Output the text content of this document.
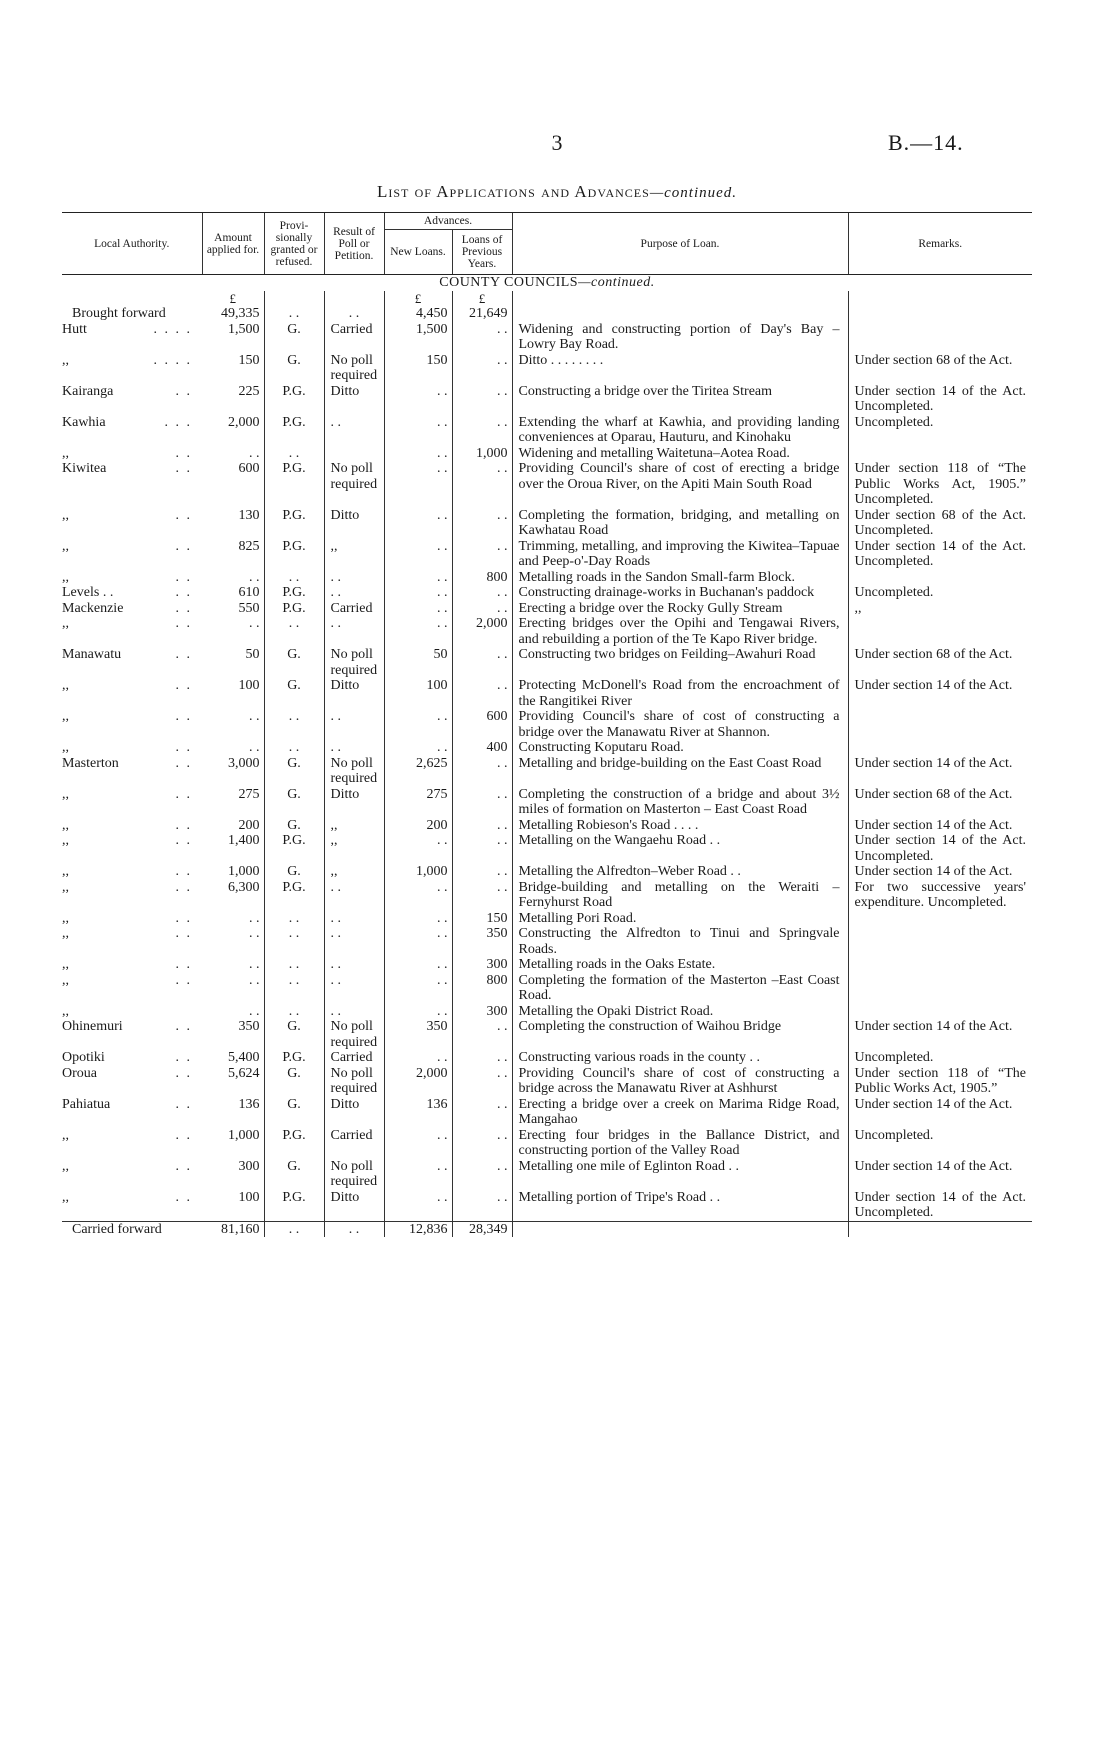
3	B.—14.
List of Applications and Advances—continued.
Local Authority.	Amount applied for.	Provi-sionally granted or refused.	Result of Poll or Petition.	Advances.		Purpose of Loan.	Remarks.
				New Loans.	Loans of Previous Years.		
COUNTY COUNCILS—continued.							
	£			£	£		
Brought forward	49,335	. .	. .	4,450	21,649		
Hutt . . . .	1,500	G.	Carried	1,500	. .	Widening and constructing portion of Day's Bay – Lowry Bay Road.	
,, . . . .	150	G.	No poll required	150	. .	Ditto . . . . . . . .	Under section 68 of the Act.
Kairanga . .	225	P.G.	Ditto	. .	. .	Constructing a bridge over the Tiritea Stream	Under section 14 of the Act. Uncompleted.
Kawhia . . .	2,000	P.G.	. .	. .	. .	Extending the wharf at Kawhia, and providing landing conveniences at Oparau, Hauturu, and Kinohaku	Uncompleted.
,, . .	. .	. .		. .	1,000	Widening and metalling Waitetuna–Aotea Road.	
Kiwitea . .	600	P.G.	No poll required	. .	. .	Providing Council's share of cost of erecting a bridge over the Oroua River, on the Apiti Main South Road	Under section 118 of “The Public Works Act, 1905.” Uncompleted.
,, . .	130	P.G.	Ditto	. .	. .	Completing the formation, bridging, and metalling on Kawhatau Road	Under section 68 of the Act. Uncompleted.
,, . .	825	P.G.	,,	. .	. .	Trimming, metalling, and improving the Kiwitea–Tapuae and Peep-o'-Day Roads	Under section 14 of the Act. Uncompleted.
,, . .	. .	. .	. .	. .	800	Metalling roads in the Sandon Small-farm Block.	
Levels . . . .	610	P.G.	. .	. .	. .	Constructing drainage-works in Buchanan's paddock	Uncompleted.
Mackenzie . .	550	P.G.	Carried	. .	. .	Erecting a bridge over the Rocky Gully Stream	,,
,, . .	. .	. .	. .	. .	2,000	Erecting bridges over the Opihi and Tengawai Rivers, and rebuilding a portion of the Te Kapo River bridge.	
Manawatu . .	50	G.	No poll required	50	. .	Constructing two bridges on Feilding–Awahuri Road	Under section 68 of the Act.
,, . .	100	G.	Ditto	100	. .	Protecting McDonell's Road from the encroachment of the Rangitikei River	Under section 14 of the Act.
,, . .	. .	. .	. .	. .	600	Providing Council's share of cost of constructing a bridge over the Manawatu River at Shannon.	
,, . .	. .	. .	. .	. .	400	Constructing Koputaru Road.	
Masterton . .	3,000	G.	No poll required	2,625	. .	Metalling and bridge-building on the East Coast Road	Under section 14 of the Act.
,, . .	275	G.	Ditto	275	. .	Completing the construction of a bridge and about 3½ miles of formation on Masterton – East Coast Road	Under section 68 of the Act.
,, . .	200	G.	,,	200	. .	Metalling Robieson's Road . . . .	Under section 14 of the Act.
,, . .	1,400	P.G.	,,	. .	. .	Metalling on the Wangaehu Road . .	Under section 14 of the Act. Uncompleted.
,, . .	1,000	G.	,,	1,000	. .	Metalling the Alfredton–Weber Road . .	Under section 14 of the Act.
,, . .	6,300	P.G.	. .	. .	. .	Bridge-building and metalling on the Weraiti –Fernyhurst Road	For two successive years' expenditure. Uncompleted.
,, . .	. .	. .	. .	. .	150	Metalling Pori Road.	
,, . .	. .	. .	. .	. .	350	Constructing the Alfredton to Tinui and Springvale Roads.	
,, . .	. .	. .	. .	. .	300	Metalling roads in the Oaks Estate.	
,, . .	. .	. .	. .	. .	800	Completing the formation of the Masterton –East Coast Road.	
,,	. .	. .	. .	. .	300	Metalling the Opaki District Road.	
Ohinemuri . .	350	G.	No poll required	350	. .	Completing the construction of Waihou Bridge	Under section 14 of the Act.
Opotiki . .	5,400	P.G.	Carried	. .	. .	Constructing various roads in the county . .	Uncompleted.
Oroua . .	5,624	G.	No poll required	2,000	. .	Providing Council's share of cost of constructing a bridge across the Manawatu River at Ashhurst	Under section 118 of “The Public Works Act, 1905.”
Pahiatua . .	136	G.	Ditto	136	. .	Erecting a bridge over a creek on Marima Ridge Road, Mangahao	Under section 14 of the Act.
,, . .	1,000	P.G.	Carried	. .	. .	Erecting four bridges in the Ballance District, and constructing portion of the Valley Road	Uncompleted.
,, . .	300	G.	No poll required	. .	. .	Metalling one mile of Eglinton Road . .	Under section 14 of the Act.
,, . .	100	P.G.	Ditto	. .	. .	Metalling portion of Tripe's Road . .	Under section 14 of the Act. Uncompleted.
Carried forward	81,160	. .	. .	12,836	28,349		
